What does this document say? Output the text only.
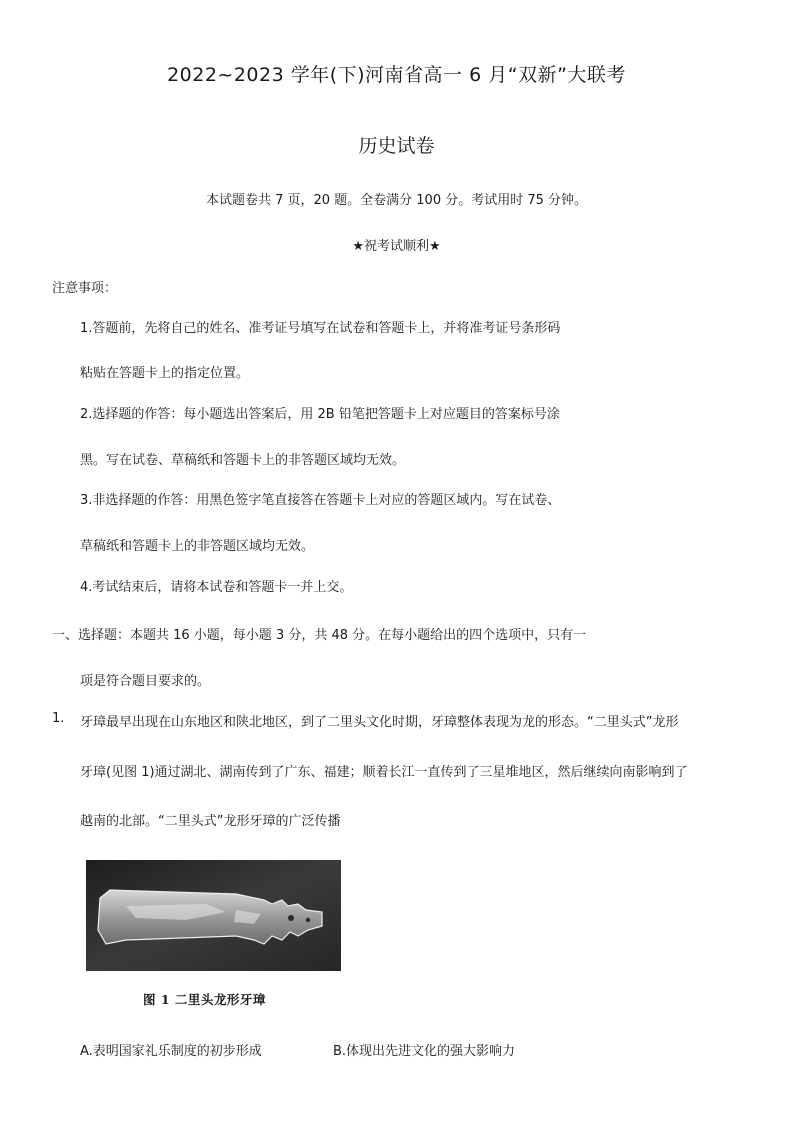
2022~2023 学年(下)河南省高一 6 月“双新”大联考
历史试卷
本试题卷共 7 页，20 题。全卷满分 100 分。考试用时 75 分钟。
★祝考试顺利★
注意事项：
1.答题前，先将自己的姓名、准考证号填写在试卷和答题卡上，并将准考证号条形码
粘贴在答题卡上的指定位置。
2.选择题的作答：每小题选出答案后，用 2B 铅笔把答题卡上对应题目的答案标号涂
黑。写在试卷、草稿纸和答题卡上的非答题区域均无效。
3.非选择题的作答：用黑色签字笔直接答在答题卡上对应的答题区域内。写在试卷、
草稿纸和答题卡上的非答题区域均无效。
4.考试结束后，请将本试卷和答题卡一并上交。
一、选择题：本题共 16 小题，每小题 3 分，共 48 分。在每小题给出的四个选项中，只有一
项是符合题目要求的。
1. 牙璋最早出现在山东地区和陕北地区，到了二里头文化时期，牙璋整体表现为龙的形态。“二里头式”龙形
牙璋(见图 1)通过湖北、湖南传到了广东、福建；顺着长江一直传到了三星堆地区，然后继续向南影响到了
越南的北部。“二里头式”龙形牙璋的广泛传播
图 1 二里头龙形牙璋
A.表明国家礼乐制度的初步形成	B.体现出先进文化的强大影响力
